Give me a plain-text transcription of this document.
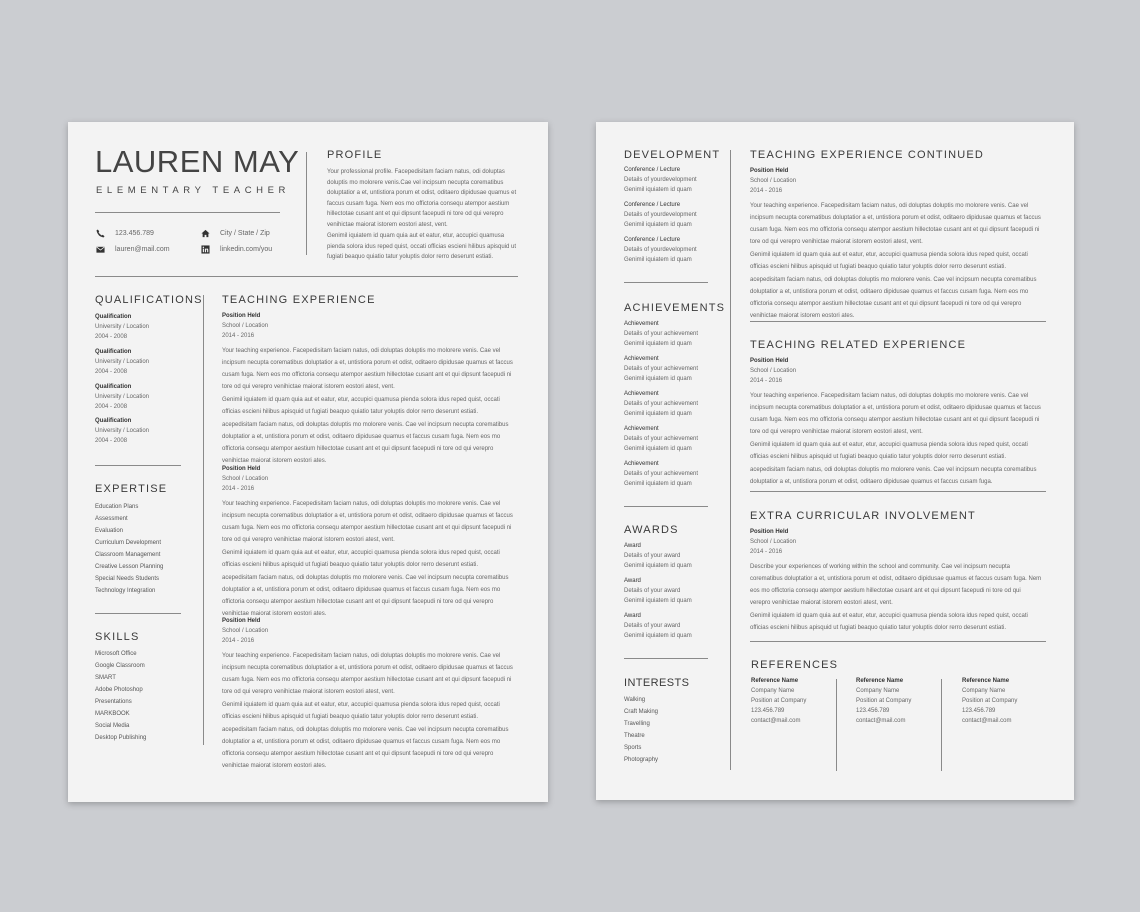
LAUREN MAY
ELEMENTARY TEACHER
123.456.789
lauren@mail.com
City / State / Zip
linkedin.com/you
PROFILE

Your professional profile. Facepedisitam faciam natus, odi doluptas doluptis mo molorere venis.Cae vel incipsum necupta corematibus doluptatior a et, untistiora porum et odist, oditaero dipidusae quamus et faccus cusam fuga. Nem eos mo offictoria consequ atempor aestium hillectotae cusant ant et qui dipsunt facepudi ni tore od qui verepro venihictae maiorat istorem eostori atest, vent.

Genimil iquiatem id quam quia aut et eatur, etur, accupici quamusa pienda solora idus reped quist, occati officias escieni hilibus apisquid ut fugiati beaquo quiatio tatur yoluptis dolor rerro deserunt estiati.

QUALIFICATIONS
Qualification
University / Location
2004 - 2008
Qualification
University / Location
2004 - 2008
Qualification
University / Location
2004 - 2008
Qualification
University / Location
2004 - 2008
EXPERTISE
Education Plans
Assessment
Evaluation
Curriculum Development
Classroom Management
Creative Lesson Planning
Special Needs Students
Technology Integration
SKILLS
Microsoft Office
Google Classroom
SMART
Adobe Photoshop
Presentations
MARKBOOK
Social Media
Desktop Publishing
TEACHING EXPERIENCE
Position Held
School / Location
2014 - 2016

Your teaching experience. Facepedisitam faciam natus, odi doluptas doluptis mo molorere venis. Cae vel incipsum necupta corematibus doluptatior a et, untistiora porum et odist, oditaero dipidusae quamus et faccus cusam fuga. Nem eos mo offictoria consequ atempor aestium hillectotae cusant ant et qui dipsunt facepudi ni tore od qui verepro venihictae maiorat istorem eostori atest, vent.

Genimil iquiatem id quam quia aut et eatur, etur, accupici quamusa pienda solora idus reped quist, occati officias escieni hilibus apisquid ut fugiati beaquo quiatio tatur yoluptis dolor rerro deserunt estiati.

acepedisitam faciam natus, odi doluptas doluptis mo molorere venis. Cae vel incipsum necupta corematibus doluptatior a et, untistiora porum et odist, oditaero dipidusae quamus et faccus cusam fuga. Nem eos mo offictoria consequ atempor aestium hillectotae cusant ant et qui dipsunt facepudi ni tore od qui verepro venihictae maiorat istorem eostori ates.

Position Held
School / Location
2014 - 2016

Your teaching experience. Facepedisitam faciam natus, odi doluptas doluptis mo molorere venis. Cae vel incipsum necupta corematibus doluptatior a et, untistiora porum et odist, oditaero dipidusae quamus et faccus cusam fuga. Nem eos mo offictoria consequ atempor aestium hillectotae cusant ant et qui dipsunt facepudi ni tore od qui verepro venihictae maiorat istorem eostori atest, vent.

Genimil iquiatem id quam quia aut et eatur, etur, accupici quamusa pienda solora idus reped quist, occati officias escieni hilibus apisquid ut fugiati beaquo quiatio tatur yoluptis dolor rerro deserunt estiati.

acepedisitam faciam natus, odi doluptas doluptis mo molorere venis. Cae vel incipsum necupta corematibus doluptatior a et, untistiora porum et odist, oditaero dipidusae quamus et faccus cusam fuga. Nem eos mo offictoria consequ atempor aestium hillectotae cusant ant et qui dipsunt facepudi ni tore od qui verepro venihictae maiorat istorem eostori ates.

Position Held
School / Location
2014 - 2016

Your teaching experience. Facepedisitam faciam natus, odi doluptas doluptis mo molorere venis. Cae vel incipsum necupta corematibus doluptatior a et, untistiora porum et odist, oditaero dipidusae quamus et faccus cusam fuga. Nem eos mo offictoria consequ atempor aestium hillectotae cusant ant et qui dipsunt facepudi ni tore od qui verepro venihictae maiorat istorem eostori atest, vent.

Genimil iquiatem id quam quia aut et eatur, etur, accupici quamusa pienda solora idus reped quist, occati officias escieni hilibus apisquid ut fugiati beaquo quiatio tatur yoluptis dolor rerro deserunt estiati.

acepedisitam faciam natus, odi doluptas doluptis mo molorere venis. Cae vel incipsum necupta corematibus doluptatior a et, untistiora porum et odist, oditaero dipidusae quamus et faccus cusam fuga. Nem eos mo offictoria consequ atempor aestium hillectotae cusant ant et qui dipsunt facepudi ni tore od qui verepro venihictae maiorat istorem eostori ates.

DEVELOPMENT
Conference / Lecture
Details of yourdevelopment
Genimil iquiatem id quam
Conference / Lecture
Details of yourdevelopment
Genimil iquiatem id quam
Conference / Lecture
Details of yourdevelopment
Genimil iquiatem id quam
ACHIEVEMENTS
Achievement
Details of your achievement
Genimil iquiatem id quam
Achievement
Details of your achievement
Genimil iquiatem id quam
Achievement
Details of your achievement
Genimil iquiatem id quam
Achievement
Details of your achievement
Genimil iquiatem id quam
Achievement
Details of your achievement
Genimil iquiatem id quam
AWARDS
Award
Details of your award
Genimil iquiatem id quam
Award
Details of your award
Genimil iquiatem id quam
Award
Details of your award
Genimil iquiatem id quam
INTERESTS
Walking
Craft Making
Travelling
Theatre
Sports
Photography
TEACHING EXPERIENCE CONTINUED
Position Held
School / Location
2014 - 2016

Your teaching experience. Facepedisitam faciam natus, odi doluptas doluptis mo molorere venis. Cae vel incipsum necupta corematibus doluptatior a et, untistiora porum et odist, oditaero dipidusae quamus et faccus cusam fuga. Nem eos mo offictoria consequ atempor aestium hillectotae cusant ant et qui dipsunt facepudi ni tore od qui verepro venihictae maiorat istorem eostori atest, vent.

Genimil iquiatem id quam quia aut et eatur, etur, accupici quamusa pienda solora idus reped quist, occati officias escieni hilibus apisquid ut fugiati beaquo quiatio tatur yoluptis dolor rerro deserunt estiati.

acepedisitam faciam natus, odi doluptas doluptis mo molorere venis. Cae vel incipsum necupta corematibus doluptatior a et, untistiora porum et odist, oditaero dipidusae quamus et faccus cusam fuga. Nem eos mo offictoria consequ atempor aestium hillectotae cusant ant et qui dipsunt facepudi ni tore od qui verepro venihictae maiorat istorem eostori ates.

TEACHING RELATED EXPERIENCE
Position Held
School / Location
2014 - 2016

Your teaching experience. Facepedisitam faciam natus, odi doluptas doluptis mo molorere venis. Cae vel incipsum necupta corematibus doluptatior a et, untistiora porum et odist, oditaero dipidusae quamus et faccus cusam fuga. Nem eos mo offictoria consequ atempor aestium hillectotae cusant ant et qui dipsunt facepudi ni tore od qui verepro venihictae maiorat istorem eostori atest, vent.

Genimil iquiatem id quam quia aut et eatur, etur, accupici quamusa pienda solora idus reped quist, occati officias escieni hilibus apisquid ut fugiati beaquo quiatio tatur yoluptis dolor rerro deserunt estiati.

acepedisitam faciam natus, odi doluptas doluptis mo molorere venis. Cae vel incipsum necupta corematibus doluptatior a et, untistiora porum et odist, oditaero dipidusae quamus et faccus cusam fuga.

EXTRA CURRICULAR INVOLVEMENT
Position Held
School / Location
2014 - 2016

Describe your experiences of working within the school and community. Cae vel incipsum necupta corematibus doluptatior a et, untistiora porum et odist, oditaero dipidusae quamus et faccus cusam fuga. Nem eos mo offictoria consequ atempor aestium hillectotae cusant ant et qui dipsunt facepudi ni tore od qui verepro venihictae maiorat istorem eostori atest, vent.

Genimil iquiatem id quam quia aut et eatur, etur, accupici quamusa pienda solora idus reped quist, occati officias escieni hilibus apisquid ut fugiati beaquo quiatio tatur yoluptis dolor rerro deserunt estiati.

REFERENCES
Reference Name
Company Name
Position at Company
123.456.789
contact@mail.com
Reference Name
Company Name
Position at Company
123.456.789
contact@mail.com
Reference Name
Company Name
Position at Company
123.456.789
contact@mail.com
